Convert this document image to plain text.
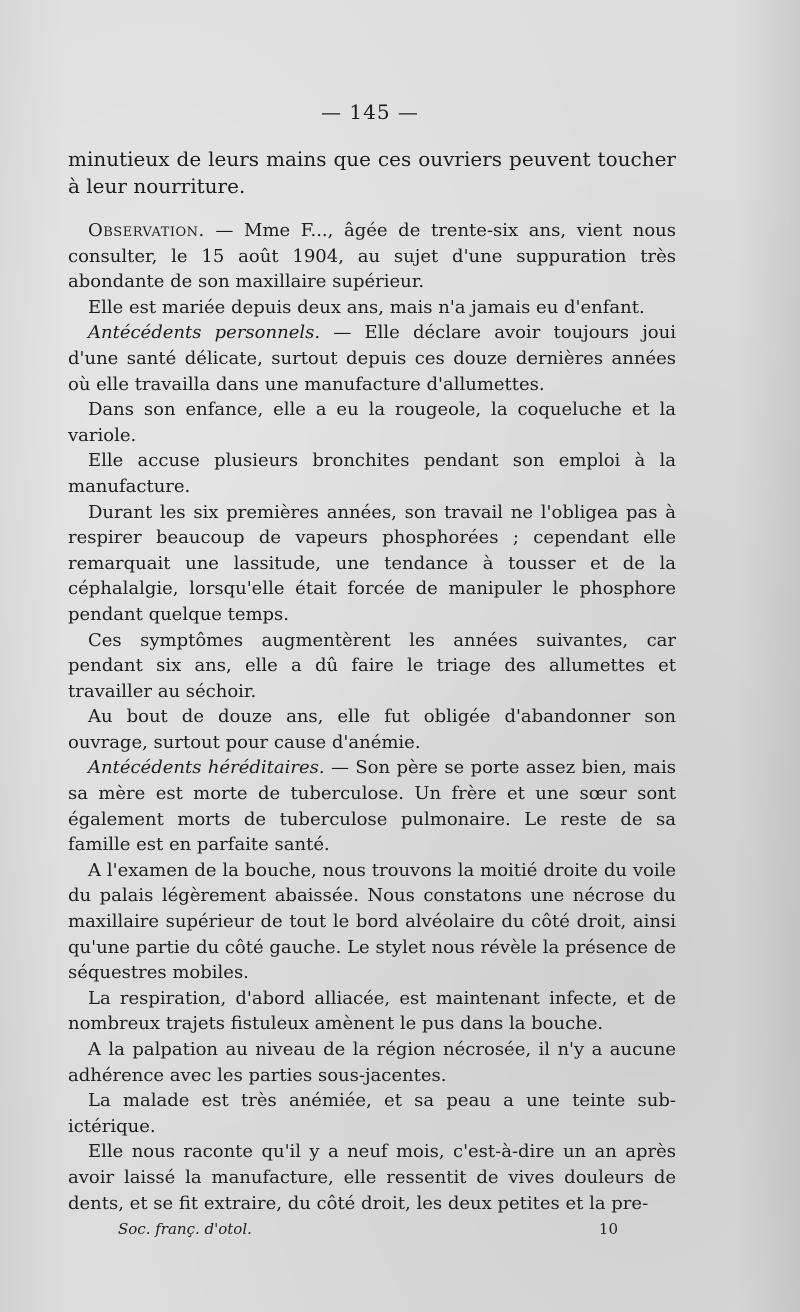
— 145 —

minutieux de leurs mains que ces ouvriers peuvent toucher à leur nourriture.

Observation. — Mme F..., âgée de trente-six ans, vient nous consulter, le 15 août 1904, au sujet d'une suppuration très abondante de son maxillaire supérieur.

Elle est mariée depuis deux ans, mais n'a jamais eu d'enfant.

Antécédents personnels. — Elle déclare avoir toujours joui d'une santé délicate, surtout depuis ces douze dernières années où elle travailla dans une manufacture d'allumettes.

Dans son enfance, elle a eu la rougeole, la coqueluche et la variole.

Elle accuse plusieurs bronchites pendant son emploi à la manufacture.

Durant les six premières années, son travail ne l'obligea pas à respirer beaucoup de vapeurs phosphorées ; cependant elle remarquait une lassitude, une tendance à tousser et de la céphalalgie, lorsqu'elle était forcée de manipuler le phosphore pendant quelque temps.

Ces symptômes augmentèrent les années suivantes, car pendant six ans, elle a dû faire le triage des allumettes et travailler au séchoir.

Au bout de douze ans, elle fut obligée d'abandonner son ouvrage, surtout pour cause d'anémie.

Antécédents héréditaires. — Son père se porte assez bien, mais sa mère est morte de tuberculose. Un frère et une sœur sont également morts de tuberculose pulmonaire. Le reste de sa famille est en parfaite santé.

A l'examen de la bouche, nous trouvons la moitié droite du voile du palais légèrement abaissée. Nous constatons une nécrose du maxillaire supérieur de tout le bord alvéolaire du côté droit, ainsi qu'une partie du côté gauche. Le stylet nous révèle la présence de séquestres mobiles.

La respiration, d'abord alliacée, est maintenant infecte, et de nombreux trajets fistuleux amènent le pus dans la bouche.

A la palpation au niveau de la région nécrosée, il n'y a aucune adhérence avec les parties sous-jacentes.

La malade est très anémiée, et sa peau a une teinte sub-ictérique.

Elle nous raconte qu'il y a neuf mois, c'est-à-dire un an après avoir laissé la manufacture, elle ressentit de vives douleurs de dents, et se fit extraire, du côté droit, les deux petites et la pre-

Soc. franç. d'otol.	10
